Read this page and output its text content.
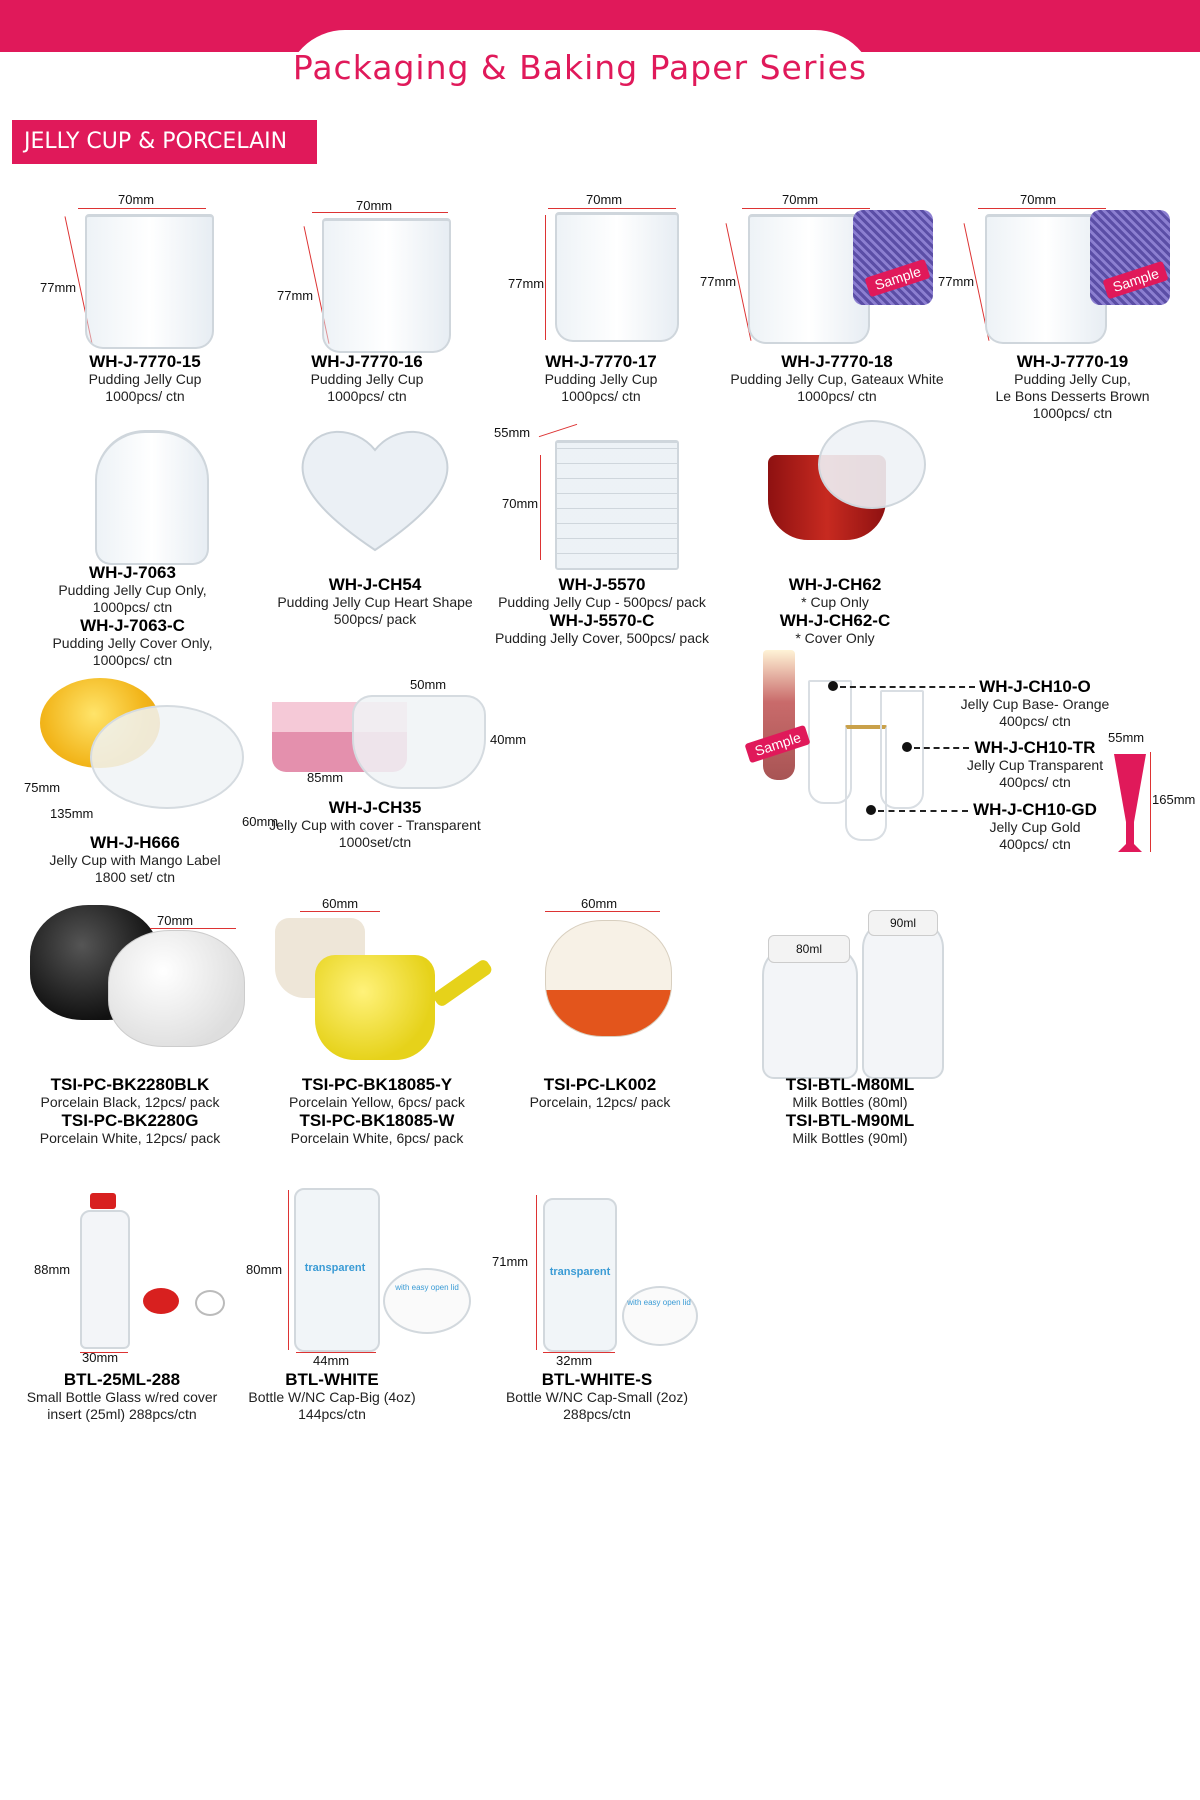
Packaging & Baking Paper Series
JELLY CUP & PORCELAIN
70mm
77mm
WH-J-7770-15
Pudding Jelly Cup
1000pcs/ ctn
70mm
77mm
WH-J-7770-16
Pudding Jelly Cup
1000pcs/ ctn
70mm
77mm
WH-J-7770-17
Pudding Jelly Cup
1000pcs/ ctn
70mm
77mm	Sample
WH-J-7770-18
Pudding Jelly Cup, Gateaux White
1000pcs/ ctn
70mm
77mm	Sample
WH-J-7770-19
Pudding Jelly Cup,
Le Bons Desserts Brown
1000pcs/ ctn
WH-J-7063
Pudding Jelly Cup Only,
1000pcs/ ctn
WH-J-7063-C
Pudding Jelly Cover Only,
1000pcs/ ctn
WH-J-CH54
Pudding Jelly Cup Heart Shape
500pcs/ pack
55mm
70mm
WH-J-5570
Pudding Jelly Cup - 500pcs/ pack
WH-J-5570-C
Pudding Jelly Cover, 500pcs/ pack
WH-J-CH62
* Cup Only
WH-J-CH62-C
* Cover Only
75mm
135mm
60mm
WH-J-H666
Jelly Cup with Mango Label
1800 set/ ctn
50mm
40mm
85mm
WH-J-CH35
Jelly Cup with cover - Transparent
1000set/ctn
Sample
WH-J-CH10-O
Jelly Cup Base- Orange
400pcs/ ctn
WH-J-CH10-TR
Jelly Cup Transparent
400pcs/ ctn
WH-J-CH10-GD
Jelly Cup Gold
400pcs/ ctn
55mm
165mm
70mm
TSI-PC-BK2280BLK
Porcelain Black, 12pcs/ pack
TSI-PC-BK2280G
Porcelain White, 12pcs/ pack
60mm
TSI-PC-BK18085-Y
Porcelain Yellow, 6pcs/ pack
TSI-PC-BK18085-W
Porcelain White, 6pcs/ pack
60mm
TSI-PC-LK002
Porcelain, 12pcs/ pack
80ml
90ml
TSI-BTL-M80ML
Milk Bottles (80ml)
TSI-BTL-M90ML
Milk Bottles (90ml)
88mm
30mm
BTL-25ML-288
Small Bottle Glass w/red cover
insert (25ml) 288pcs/ctn
80mm	transparent
with easy open lid
44mm
BTL-WHITE
Bottle W/NC Cap-Big (4oz)
144pcs/ctn
71mm
transparent
with easy open lid
32mm
BTL-WHITE-S
Bottle W/NC Cap-Small (2oz)
288pcs/ctn
